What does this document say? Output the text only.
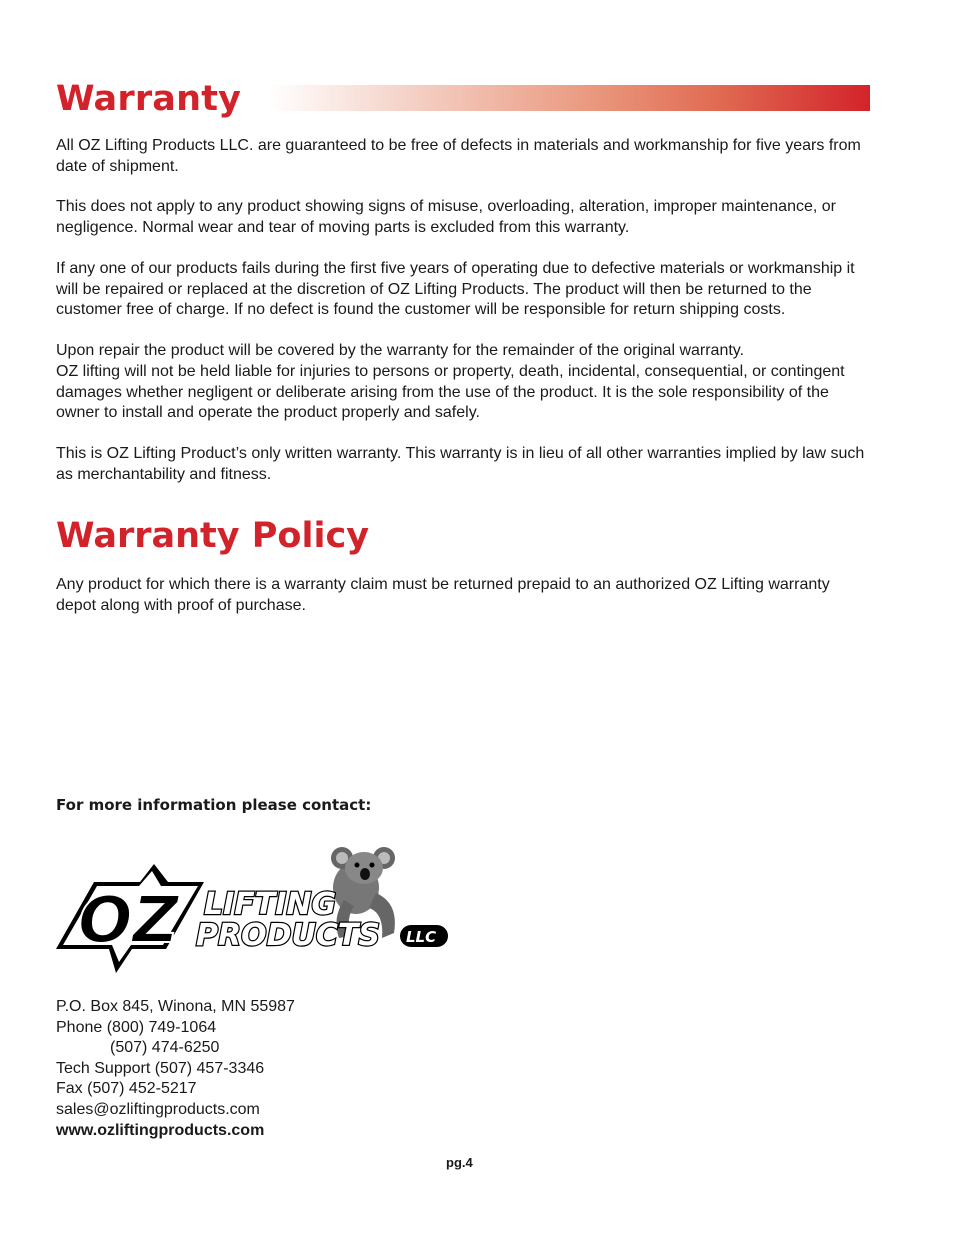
Warranty

All OZ Lifting Products LLC. are guaranteed to be free of defects in materials and workmanship for five years from date of shipment.

This does not apply to any product showing signs of misuse, overloading, alteration, improper maintenance, or negligence. Normal wear and tear of moving parts is excluded from this warranty.

If any one of our products fails during the first five years of operating due to defective materials or workmanship it will be repaired or replaced at the discretion of OZ Lifting Products. The product will then be returned to the customer free of charge. If no defect is found the customer will be responsible for return shipping costs.

Upon repair the product will be covered by the warranty for the remainder of the original warranty.

OZ lifting will not be held liable for injuries to persons or property, death, incidental, consequential, or contingent damages whether negligent or deliberate arising from the use of the product. It is the sole responsibility of the owner to install and operate the product properly and safely.

This is OZ Lifting Product’s only written warranty. This warranty is in lieu of all other warranties implied by law such as merchantability and fitness.

Warranty Policy

Any product for which there is a warranty claim must be returned prepaid to an authorized OZ Lifting warranty depot along with proof of purchase.

For more information please contact:
OZ LIFTING
PRODUCTS LLC
P.O. Box 845, Winona, MN 55987
Phone (800) 749-1064
(507) 474-6250
Tech Support (507) 457-3346
Fax (507) 452-5217
sales@ozliftingproducts.com
www.ozliftingproducts.com
pg.4
